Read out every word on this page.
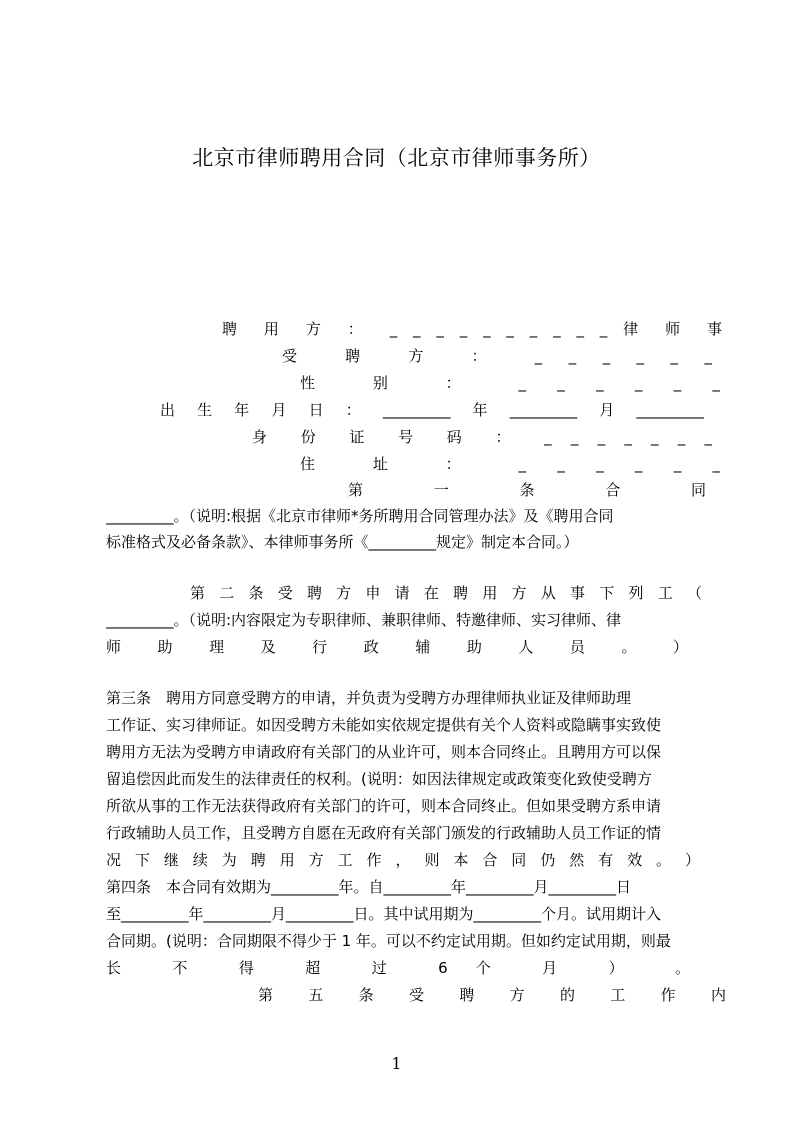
北京市律师聘用合同（北京市律师事务所）
聘 用 方 ： _ _ _ _ _ _ _ _ _ _ 律 师 事
受 聘 方 ： _ _ _ _ _ _
性 别 ： _ _ _ _ _ _
出生年月日：_________年_________月_________
身 份 证 号 码 ： _ _ _ _ _ _ _
住 址 ： _ _ _ _ _ _
第 一 条 合 同
_________。（说明:根据《北京市律师*务所聘用合同管理办法》及《聘用合同
标准格式及必备条款》、本律师事务所《_________规定》制定本合同。）
第 二 条 受 聘 方 申 请 在 聘 用 方 从 事 下 列 工 （
_________。（说明:内容限定为专职律师、兼职律师、特邀律师、实习律师、律
师 助 理 及 行 政 辅 助 人 员 。 ）
第三条　聘用方同意受聘方的申请，并负责为受聘方办理律师执业证及律师助理
工作证、实习律师证。如因受聘方未能如实依规定提供有关个人资料或隐瞒事实致使
聘用方无法为受聘方申请政府有关部门的从业许可，则本合同终止。且聘用方可以保
留追偿因此而发生的法律责任的权利。(说明：如因法律规定或政策变化致使受聘方
所欲从事的工作无法获得政府有关部门的许可，则本合同终止。但如果受聘方系申请
行政辅助人员工作，且受聘方自愿在无政府有关部门颁发的行政辅助人员工作证的情
况 下 继 续 为 聘 用 方 工 作 ， 则 本 合 同 仍 然 有 效 。 ）
第四条　本合同有效期为_________年。自_________年_________月_________日
至_________年_________月_________日。其中试用期为_________个月。试用期计入
合同期。(说明：合同期限不得少于 1 年。可以不约定试用期。但如约定试用期，则最
长 不 得 超 过 6 个 月 ） 。
第 五 条 受 聘 方 的 工 作 内
1
